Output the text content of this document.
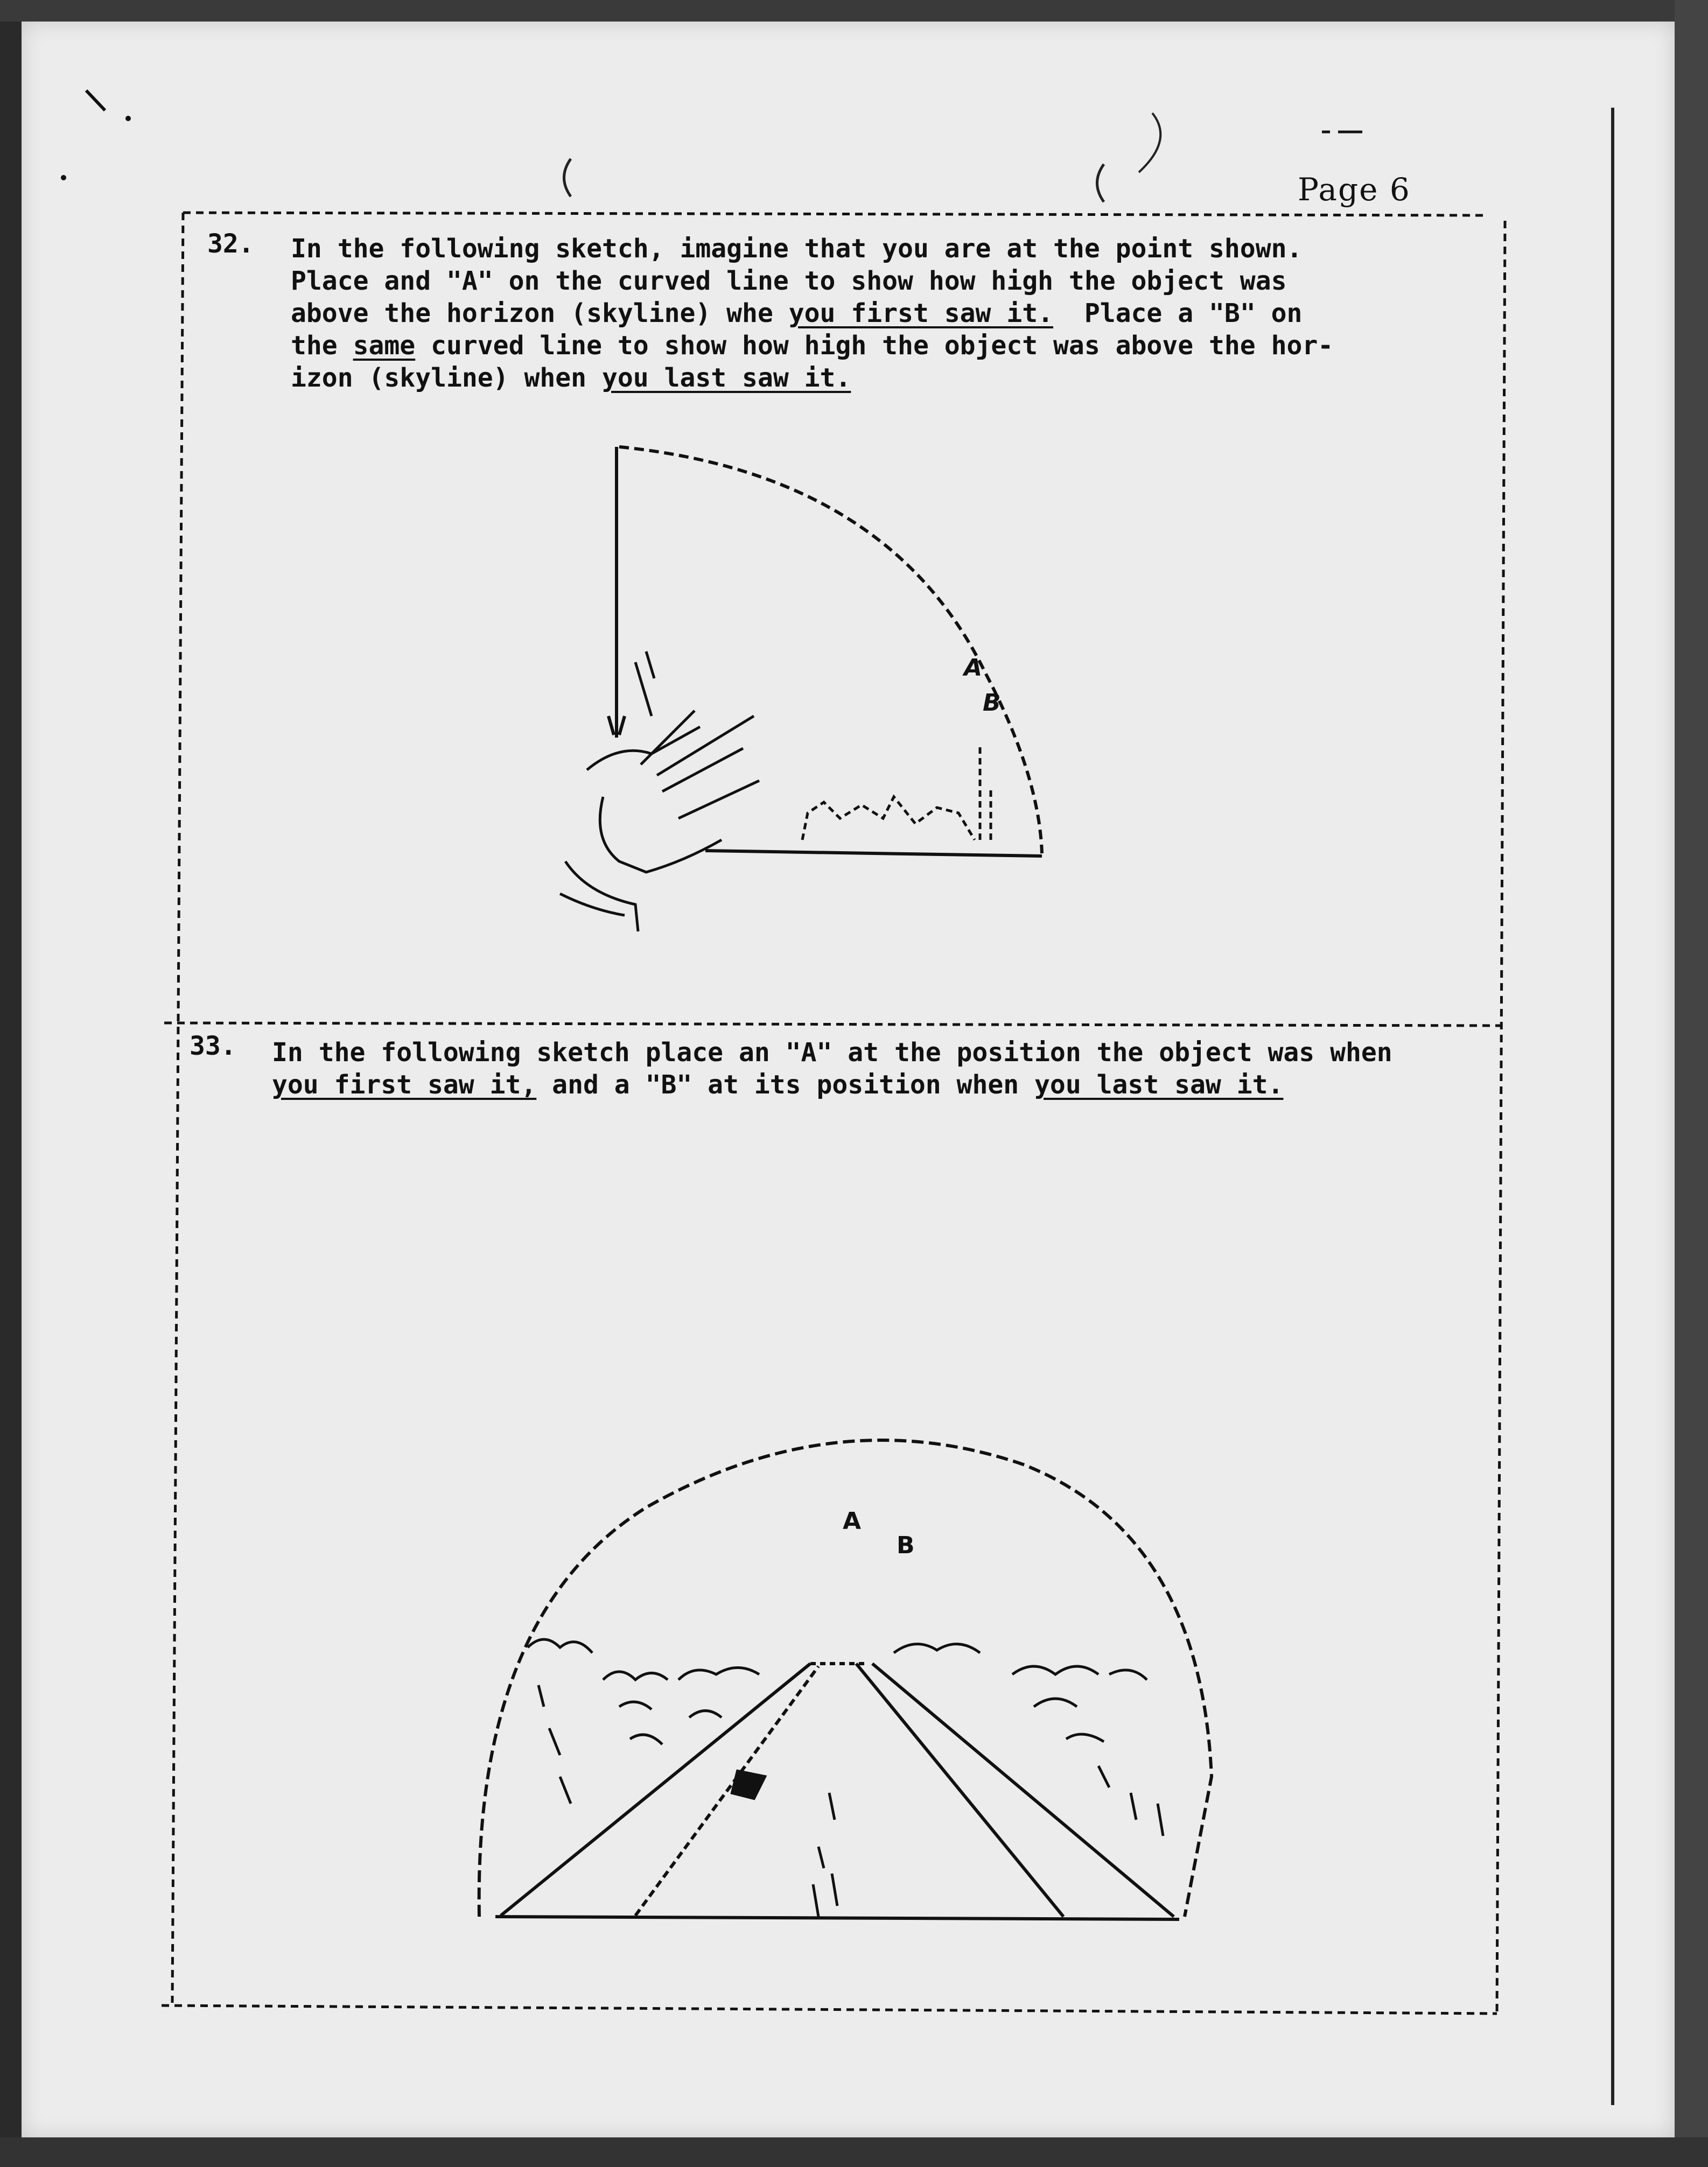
Page 6
32. In the following sketch, imagine that you are at the point shown.
Place and "A" on the curved line to show how high the object was
above the horizon (skyline) whe you first saw it.  Place a "B" on
the same curved line to show how high the object was above the hor-
izon (skyline) when you last saw it.
A
B
33. In the following sketch place an "A" at the position the object was when
you first saw it, and a "B" at its position when you last saw it.
A
B
